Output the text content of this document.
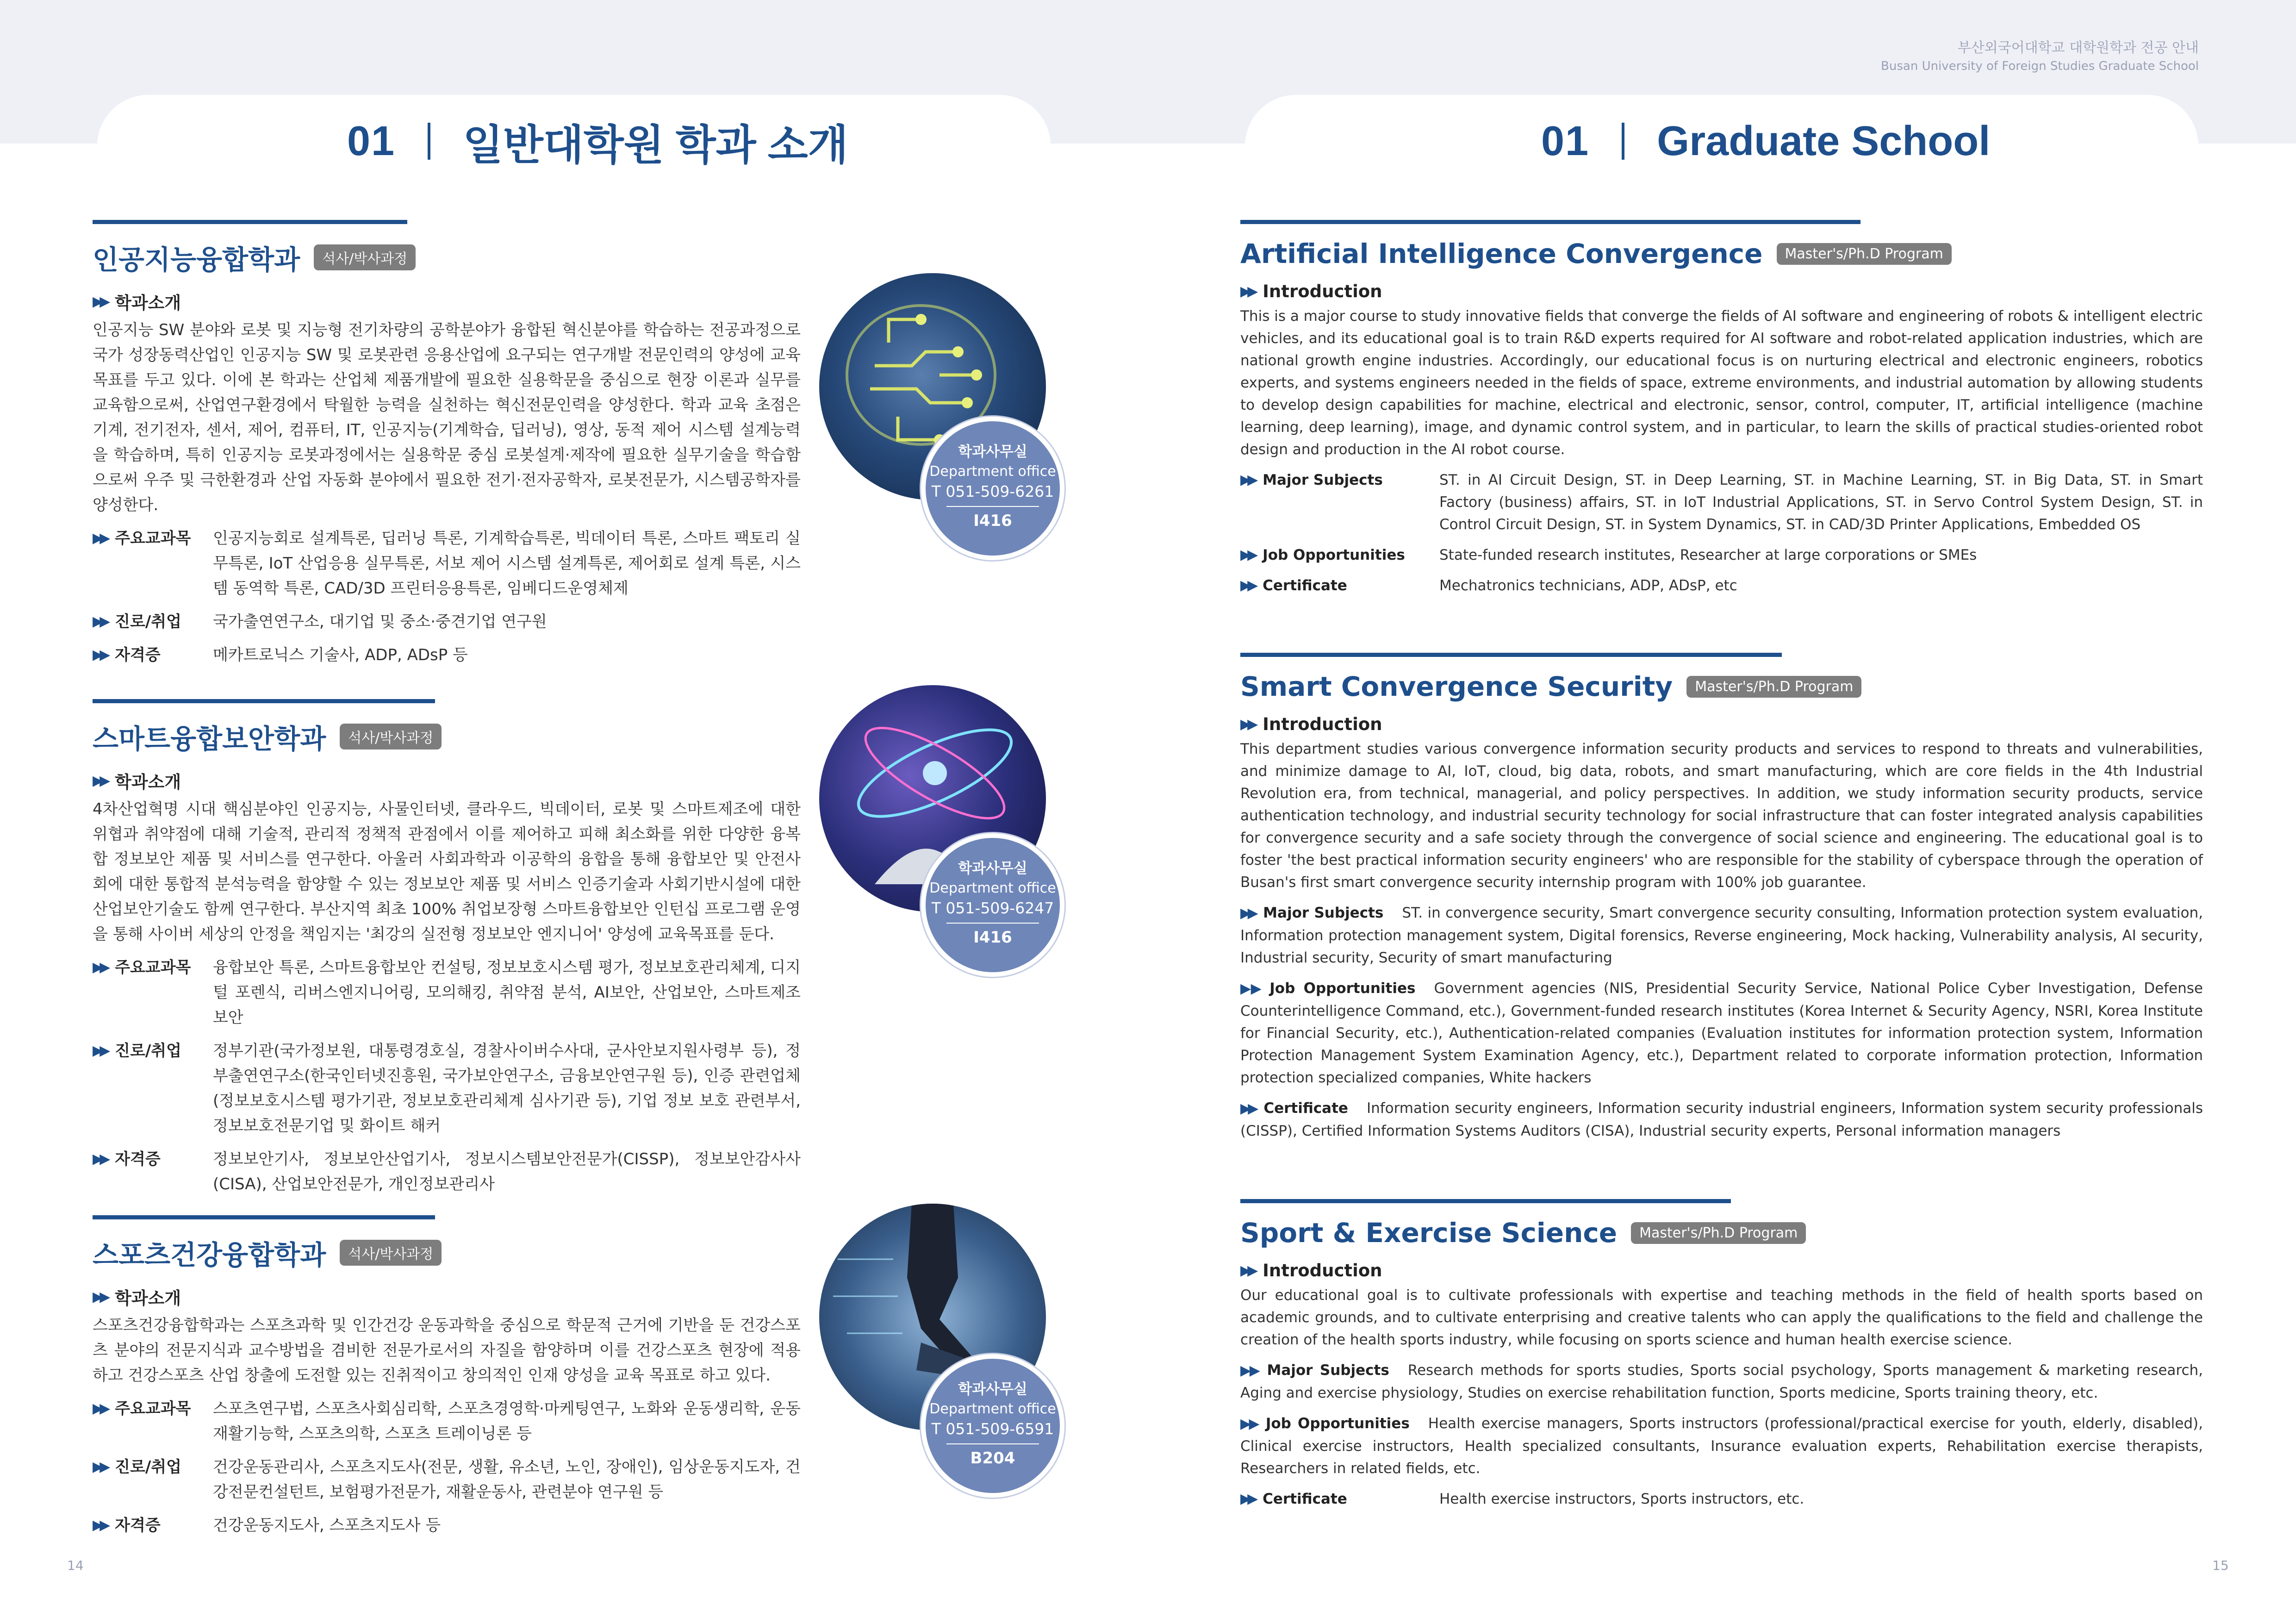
부산외국어대학교 대학원학과 전공 안내
Busan University of Foreign Studies Graduate School
01 일반대학원 학과 소개	01 Graduate School
인공지능융합학과	석사/박사과정
▶▶ 학과소개
인공지능 SW 분야와 로봇 및 지능형 전기차량의 공학분야가 융합된 혁신분야를 학습하는 전공과정으로 국가 성장동력산업인 인공지능 SW 및 로봇관련 응용산업에 요구되는 연구개발 전문인력의 양성에 교육목표를 두고 있다. 이에 본 학과는 산업체 제품개발에 필요한 실용학문을 중심으로 현장 이론과 실무를 교육함으로써, 산업연구환경에서 탁월한 능력을 실천하는 혁신전문인력을 양성한다. 학과 교육 초점은 기계, 전기전자, 센서, 제어, 컴퓨터, IT, 인공지능(기계학습, 딥러닝), 영상, 동적 제어 시스템 설계능력을 학습하며, 특히 인공지능 로봇과정에서는 실용학문 중심 로봇설계·제작에 필요한 실무기술을 학습함으로써 우주 및 극한환경과 산업 자동화 분야에서 필요한 전기·전자공학자, 로봇전문가, 시스템공학자를 양성한다.
▶▶ 주요교과목 인공지능회로 설계특론, 딥러닝 특론, 기계학습특론, 빅데이터 특론, 스마트 팩토리 실무특론, IoT 산업응용 실무특론, 서보 제어 시스템 설계특론, 제어회로 설계 특론, 시스템 동역학 특론, CAD/3D 프린터응용특론, 임베디드운영체제
▶▶ 진로/취업 국가출연연구소, 대기업 및 중소·중견기업 연구원
▶▶ 자격증	메카트로닉스 기술사, ADP, ADsP 등
학과사무실
Department office
T 051-509-6261
I416
스마트융합보안학과	석사/박사과정
▶▶ 학과소개
4차산업혁명 시대 핵심분야인 인공지능, 사물인터넷, 클라우드, 빅데이터, 로봇 및 스마트제조에 대한 위협과 취약점에 대해 기술적, 관리적 정책적 관점에서 이를 제어하고 피해 최소화를 위한 다양한 융복합 정보보안 제품 및 서비스를 연구한다. 아울러 사회과학과 이공학의 융합을 통해 융합보안 및 안전사회에 대한 통합적 분석능력을 함양할 수 있는 정보보안 제품 및 서비스 인증기술과 사회기반시설에 대한 산업보안기술도 함께 연구한다. 부산지역 최초 100% 취업보장형 스마트융합보안 인턴십 프로그램 운영을 통해 사이버 세상의 안정을 책임지는 '최강의 실전형 정보보안 엔지니어' 양성에 교육목표를 둔다.
▶▶ 주요교과목 융합보안 특론, 스마트융합보안 컨설팅, 정보보호시스템 평가, 정보보호관리체계, 디지털 포렌식, 리버스엔지니어링, 모의해킹, 취약점 분석, AI보안, 산업보안, 스마트제조 보안
▶▶ 진로/취업 정부기관(국가정보원, 대통령경호실, 경찰사이버수사대, 군사안보지원사령부 등), 정부출연연구소(한국인터넷진흥원, 국가보안연구소, 금융보안연구원 등), 인증 관련업체(정보보호시스템 평가기관, 정보보호관리체계 심사기관 등), 기업 정보 보호 관련부서, 정보보호전문기업 및 화이트 해커
▶▶ 자격증	정보보안기사, 정보보안산업기사, 정보시스템보안전문가(CISSP), 정보보안감사사(CISA), 산업보안전문가, 개인정보관리사
학과사무실
Department office
T 051-509-6247
I416
스포츠건강융합학과	석사/박사과정
▶▶ 학과소개
스포츠건강융합학과는 스포츠과학 및 인간건강 운동과학을 중심으로 학문적 근거에 기반을 둔 건강스포츠 분야의 전문지식과 교수방법을 겸비한 전문가로서의 자질을 함양하며 이를 건강스포츠 현장에 적용하고 건강스포츠 산업 창출에 도전할 있는 진취적이고 창의적인 인재 양성을 교육 목표로 하고 있다.
▶▶ 주요교과목 스포츠연구법, 스포츠사회심리학, 스포츠경영학·마케팅연구, 노화와 운동생리학, 운동재활기능학, 스포츠의학, 스포츠 트레이닝론 등
▶▶ 진로/취업 건강운동관리사, 스포츠지도사(전문, 생활, 유소년, 노인, 장애인), 임상운동지도자, 건강전문컨설턴트, 보험평가전문가, 재활운동사, 관련분야 연구원 등
▶▶ 자격증	건강운동지도사, 스포츠지도사 등
학과사무실
Department office
T 051-509-6591
B204
Artificial Intelligence Convergence	Master's/Ph.D Program
▶▶ Introduction
This is a major course to study innovative fields that converge the fields of AI software and engineering of robots & intelligent electric vehicles, and its educational goal is to train R&D experts required for AI software and robot-related application industries, which are national growth engine industries. Accordingly, our educational focus is on nurturing electrical and electronic engineers, robotics experts, and systems engineers needed in the fields of space, extreme environments, and industrial automation by allowing students to develop design capabilities for machine, electrical and electronic, sensor, control, computer, IT, artificial intelligence (machine learning, deep learning), image, and dynamic control system, and in particular, to learn the skills of practical studies-oriented robot design and production in the AI robot course.
▶▶ Major Subjects	ST. in AI Circuit Design, ST. in Deep Learning, ST. in Machine Learning, ST. in Big Data, ST. in Smart Factory (business) affairs, ST. in IoT Industrial Applications, ST. in Servo Control System Design, ST. in Control Circuit Design, ST. in System Dynamics, ST. in CAD/3D Printer Applications, Embedded OS
▶▶ Job Opportunities State-funded research institutes, Researcher at large corporations or SMEs
▶▶ Certificate	Mechatronics technicians, ADP, ADsP, etc
Smart Convergence Security	Master's/Ph.D Program
▶▶ Introduction
This department studies various convergence information security products and services to respond to threats and vulnerabilities, and minimize damage to AI, IoT, cloud, big data, robots, and smart manufacturing, which are core fields in the 4th Industrial Revolution era, from technical, managerial, and policy perspectives. In addition, we study information security products, service authentication technology, and industrial security technology for social infrastructure that can foster integrated analysis capabilities for convergence security and a safe society through the convergence of social science and engineering. The educational goal is to foster 'the best practical information security engineers' who are responsible for the stability of cyberspace through the operation of Busan's first smart convergence security internship program with 100% job guarantee.
▶▶ Major Subjects ST. in convergence security, Smart convergence security consulting, Information protection system evaluation, Information protection management system, Digital forensics, Reverse engineering, Mock hacking, Vulnerability analysis, AI security, Industrial security, Security of smart manufacturing
▶▶ Job Opportunities Government agencies (NIS, Presidential Security Service, National Police Cyber Investigation, Defense Counterintelligence Command, etc.), Government-funded research institutes (Korea Internet & Security Agency, NSRI, Korea Institute for Financial Security, etc.), Authentication-related companies (Evaluation institutes for information protection system, Information Protection Management System Examination Agency, etc.), Department related to corporate information protection, Information protection specialized companies, White hackers
▶▶ Certificate Information security engineers, Information security industrial engineers, Information system security professionals (CISSP), Certified Information Systems Auditors (CISA), Industrial security experts, Personal information managers
Sport & Exercise Science	Master's/Ph.D Program
▶▶ Introduction
Our educational goal is to cultivate professionals with expertise and teaching methods in the field of health sports based on academic grounds, and to cultivate enterprising and creative talents who can apply the qualifications to the field and challenge the creation of the health sports industry, while focusing on sports science and human health exercise science.
▶▶ Major Subjects Research methods for sports studies, Sports social psychology, Sports management & marketing research, Aging and exercise physiology, Studies on exercise rehabilitation function, Sports medicine, Sports training theory, etc.
▶▶ Job Opportunities Health exercise managers, Sports instructors (professional/practical exercise for youth, elderly, disabled), Clinical exercise instructors, Health specialized consultants, Insurance evaluation experts, Rehabilitation exercise therapists, Researchers in related fields, etc.
▶▶ Certificate	Health exercise instructors, Sports instructors, etc.
14	15
